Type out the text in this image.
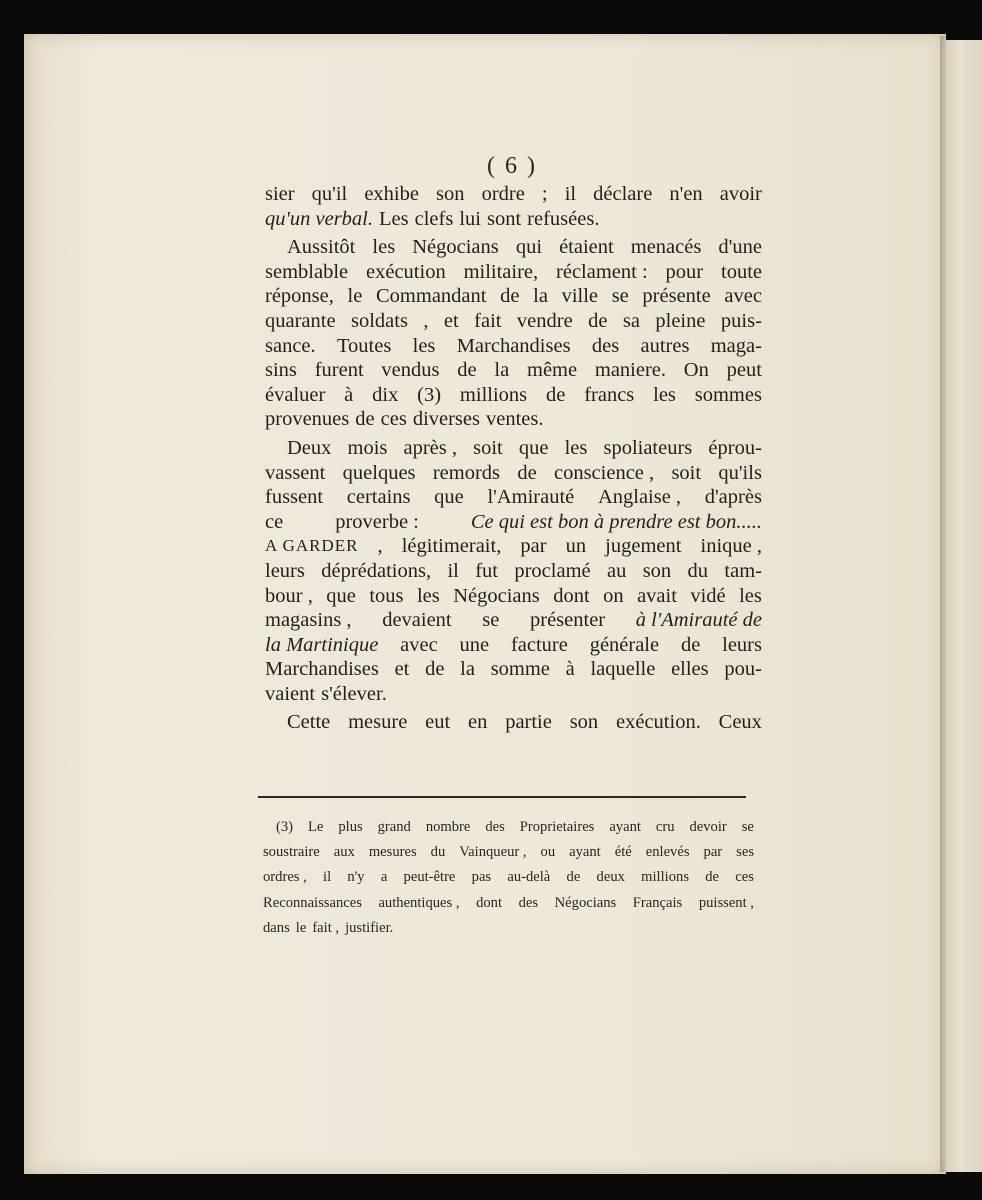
( 6 )
sier qu'il exhibe son ordre ; il déclare n'en avoir
qu'un verbal. Les clefs lui sont refusées.
Aussitôt les Négocians qui étaient menacés d'une
semblable exécution militaire, réclament : pour toute
réponse, le Commandant de la ville se présente avec
quarante soldats , et fait vendre de sa pleine puis-
sance. Toutes les Marchandises des autres maga-
sins furent vendus de la même maniere. On peut
évaluer à dix (3) millions de francs les sommes
provenues de ces diverses ventes.
Deux mois après , soit que les spoliateurs éprou-
vassent quelques remords de conscience , soit qu'ils
fussent certains que l'Amirauté Anglaise , d'après
ce	proverbe :	Ce qui est bon à prendre est bon.....
A GARDER , légitimerait, par un jugement inique ,
leurs déprédations, il fut proclamé au son du tam-
bour , que tous les Négocians dont on avait vidé les
magasins , devaient se présenter à l'Amirauté de
la Martinique avec une facture générale de leurs
Marchandises et de la somme à laquelle elles pou-
vaient s'élever.
Cette mesure eut en partie son exécution. Ceux
(3) Le plus grand nombre des Proprietaires ayant cru devoir se
soustraire aux mesures du Vainqueur , ou ayant été enlevés par ses
ordres , il n'y a peut-être pas au-delà de deux millions de ces
Reconnaissances authentiques , dont des Négocians Français puissent ,
dans le fait , justifier.
